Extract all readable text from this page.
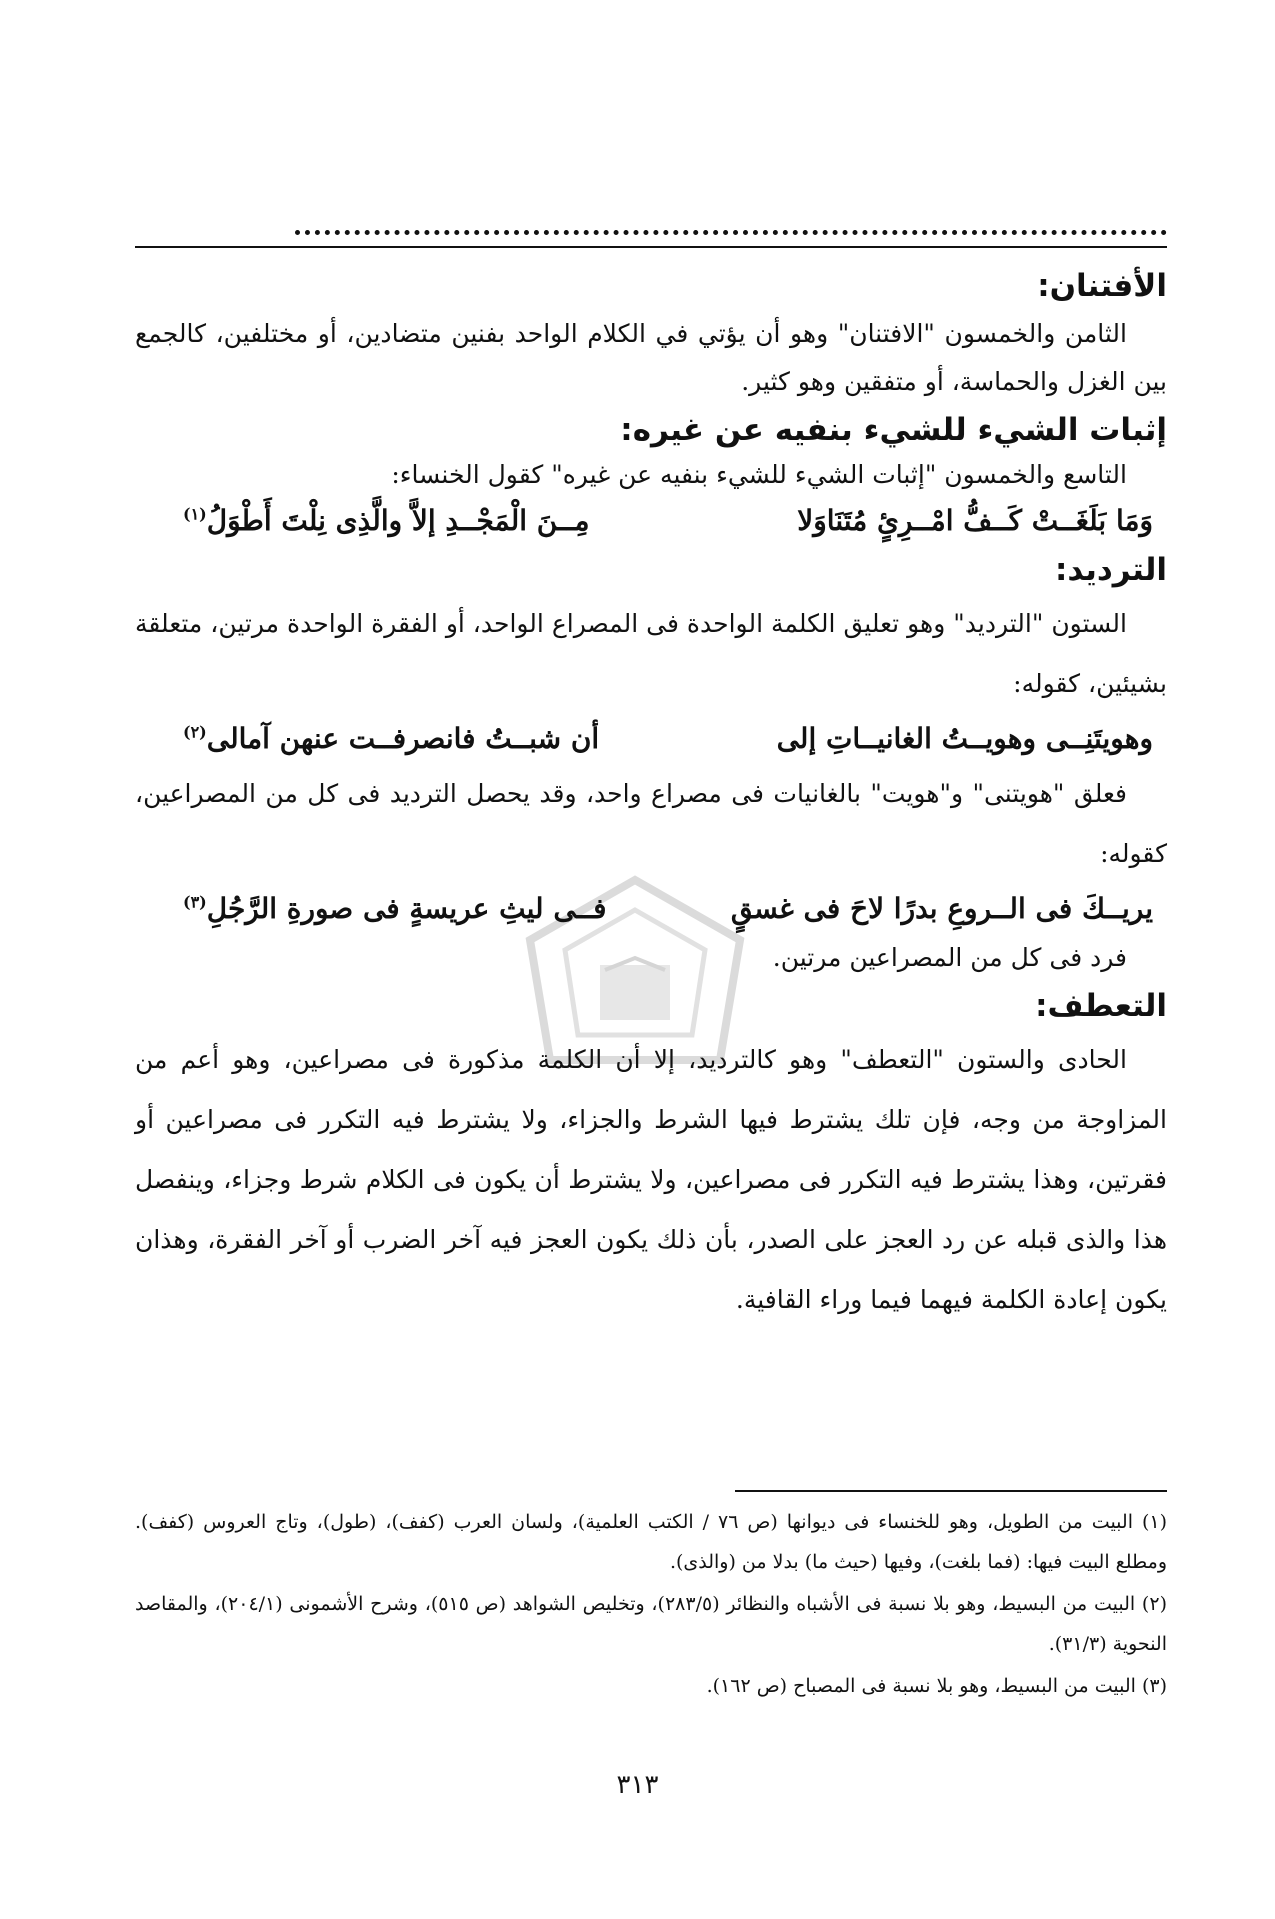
الأفتنان:

الثامن والخمسون "الافتنان" وهو أن يؤتي في الكلام الواحد بفنين متضادين، أو مختلفين، كالجمع بين الغزل والحماسة، أو متفقين وهو كثير.

إثبات الشيء للشيء بنفيه عن غيره:

التاسع والخمسون "إثبات الشيء للشيء بنفيه عن غيره" كقول الخنساء:

وَمَا بَلَغَــتْ كَــفُّ امْــرِئٍ مُتَنَاوَلا
مِــنَ الْمَجْــدِ إلاَّ والَّذِى نِلْتَ أَطْوَلُ$^{(١)}$
الترديد:

الستون "الترديد" وهو تعليق الكلمة الواحدة فى المصراع الواحد، أو الفقرة الواحدة مرتين، متعلقة بشيئين، كقوله:

وهويتَنِــى وهويــتُ الغانيــاتِ إلى
أن شبــتُ فانصرفــت عنهن آمالى$^{(٢)}$

فعلق "هويتنى" و"هويت" بالغانيات فى مصراع واحد، وقد يحصل الترديد فى كل من المصراعين، كقوله:

يريــكَ فى الــروعِ بدرًا لاحَ فى غسقٍ
فــى ليثِ عريسةٍ فى صورةِ الرَّجُلِ$^{(٣)}$

فرد فى كل من المصراعين مرتين.

التعطف:

الحادى والستون "التعطف" وهو كالترديد، إلا أن الكلمة مذكورة فى مصراعين، وهو أعم من المزاوجة من وجه، فإن تلك يشترط فيها الشرط والجزاء، ولا يشترط فيه التكرر فى مصراعين أو فقرتين، وهذا يشترط فيه التكرر فى مصراعين، ولا يشترط أن يكون فى الكلام شرط وجزاء، وينفصل هذا والذى قبله عن رد العجز على الصدر، بأن ذلك يكون العجز فيه آخر الضرب أو آخر الفقرة، وهذان يكون إعادة الكلمة فيهما فيما وراء القافية.

(١) البيت من الطويل، وهو للخنساء فى ديوانها (ص ٧٦ / الكتب العلمية)، ولسان العرب (كفف)، (طول)، وتاج العروس (كفف). ومطلع البيت فيها: (فما بلغت)، وفيها (حيث ما) بدلا من (والذى).

(٢) البيت من البسيط، وهو بلا نسبة فى الأشباه والنظائر (٢٨٣/٥)، وتخليص الشواهد (ص ٥١٥)، وشرح الأشمونى (٢٠٤/١)، والمقاصد النحوية (٣١/٣).

(٣) البيت من البسيط، وهو بلا نسبة فى المصباح (ص ١٦٢).

٣١٣
